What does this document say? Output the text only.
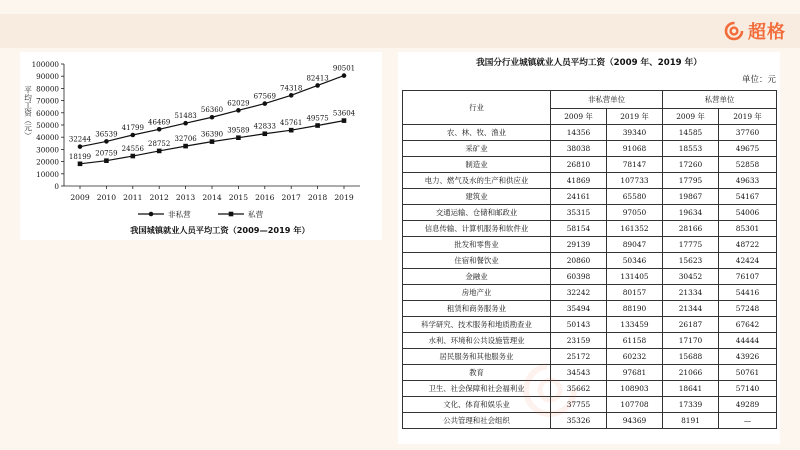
超格
0
10000
20000
30000
40000
50000
60000
70000
80000
90000
100000
2009 2010 2011 2012 2013 2014 2015 2016 2017 2018 2019
平均工资（元）
32244
36539
41799
46469
51483
56360
62029
67569
74318
82413
90501
18199 20759
24556
28752
32706
36390 39589 42833 45761
49575
53604
非私营	私营
我国城镇就业人员平均工资（2009—2019 年）
我国分行业城镇就业人员平均工资（2009 年、2019 年）
单位：元
行业	非私营单位		私营单位	
	2009 年	2019 年	2009 年	2019 年
农、林、牧、渔业	14356	39340	14585	37760
采矿业	38038	91068	18553	49675
制造业	26810	78147	17260	52858
电力、燃气及水的生产和供应业	41869	107733	17795	49633
建筑业	24161	65580	19867	54167
交通运输、仓储和邮政业	35315	97050	19634	54006
信息传输、计算机服务和软件业	58154	161352	28166	85301
批发和零售业	29139	89047	17775	48722
住宿和餐饮业	20860	50346	15623	42424
金融业	60398	131405	30452	76107
房地产业	32242	80157	21334	54416
租赁和商务服务业	35494	88190	21344	57248
科学研究、技术服务和地质勘查业	50143	133459	26187	67642
水利、环境和公共设施管理业	23159	61158	17170	44444
居民服务和其他服务业	25172	60232	15688	43926
教育	34543	97681	21066	50761
卫生、社会保障和社会福利业	35662	108903	18641	57140
文化、体育和娱乐业	37755	107708	17339	49289
公共管理和社会组织	35326	94369	8191	—
